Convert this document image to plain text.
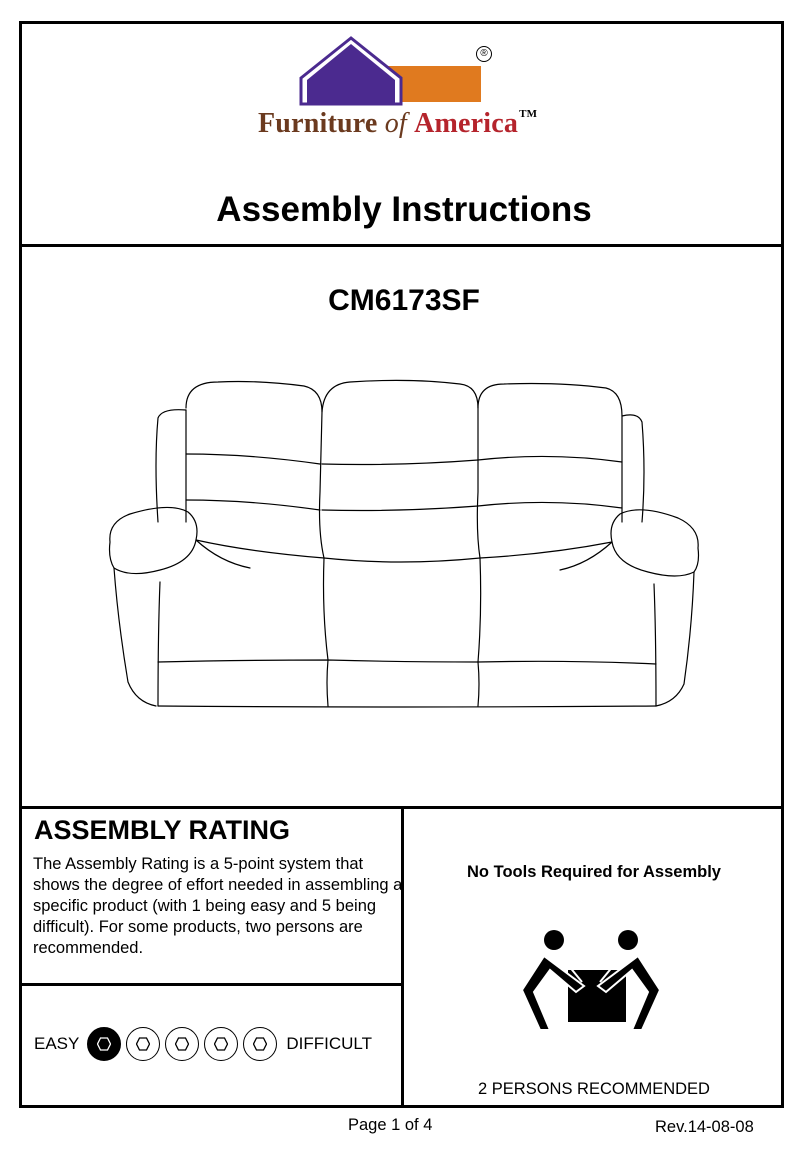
®
Furniture of America™
Assembly Instructions
CM6173SF
ASSEMBLY RATING
The Assembly Rating is a 5-point system that shows the degree of effort needed in assembling a specific product (with 1 being easy and 5 being difficult). For some products, two persons are recommended.
EASY	DIFFICULT
No Tools Required for Assembly
2 PERSONS RECOMMENDED
Page 1 of 4	Rev.14-08-08
